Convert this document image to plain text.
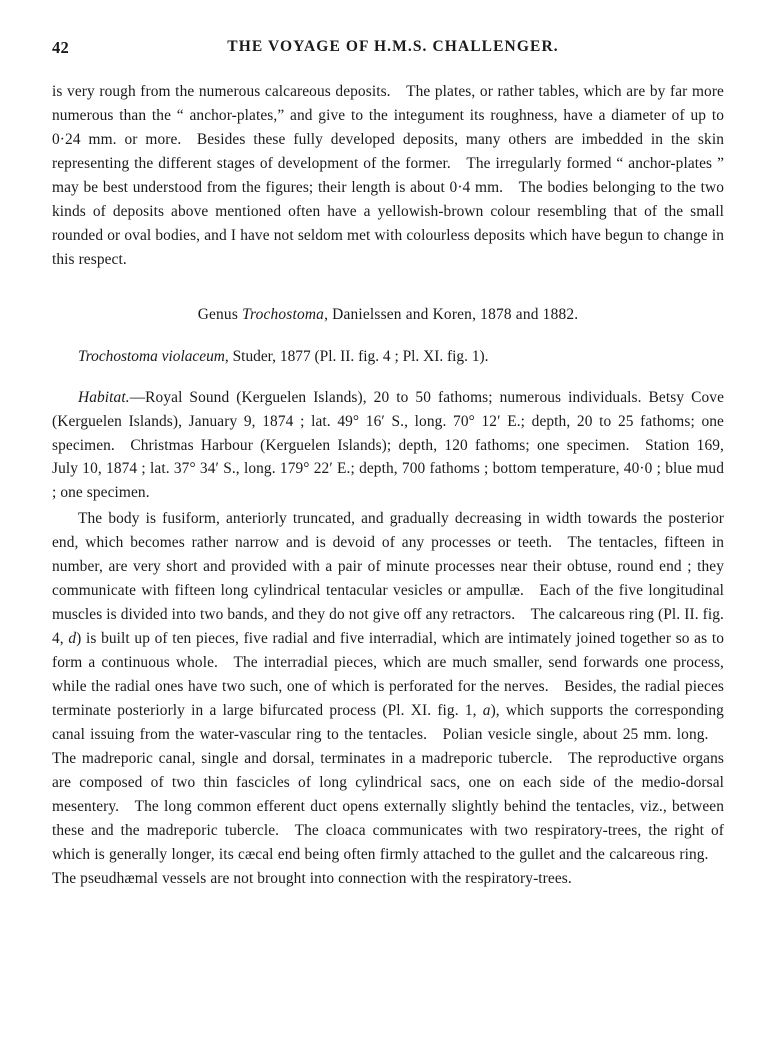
42	THE VOYAGE OF H.M.S. CHALLENGER.

is very rough from the numerous calcareous deposits. The plates, or rather tables, which are by far more numerous than the “ anchor-plates,” and give to the integument its roughness, have a diameter of up to 0·24 mm. or more. Besides these fully developed deposits, many others are imbedded in the skin representing the different stages of development of the former. The irregularly formed “ anchor-plates ” may be best understood from the figures; their length is about 0·4 mm. The bodies belonging to the two kinds of deposits above mentioned often have a yellowish-brown colour resembling that of the small rounded or oval bodies, and I have not seldom met with colourless deposits which have begun to change in this respect.

Genus Trochostoma, Danielssen and Koren, 1878 and 1882.
Trochostoma violaceum, Studer, 1877 (Pl. II. fig. 4 ; Pl. XI. fig. 1).

Habitat.—Royal Sound (Kerguelen Islands), 20 to 50 fathoms; numerous individuals. Betsy Cove (Kerguelen Islands), January 9, 1874 ; lat. 49° 16′ S., long. 70° 12′ E.; depth, 20 to 25 fathoms; one specimen. Christmas Harbour (Kerguelen Islands); depth, 120 fathoms; one specimen. Station 169, July 10, 1874 ; lat. 37° 34′ S., long. 179° 22′ E.; depth, 700 fathoms ; bottom temperature, 40·0 ; blue mud ; one specimen.

The body is fusiform, anteriorly truncated, and gradually decreasing in width towards the posterior end, which becomes rather narrow and is devoid of any processes or teeth. The tentacles, fifteen in number, are very short and provided with a pair of minute processes near their obtuse, round end ; they communicate with fifteen long cylindrical tentacular vesicles or ampullæ. Each of the five longitudinal muscles is divided into two bands, and they do not give off any retractors. The calcareous ring (Pl. II. fig. 4, d) is built up of ten pieces, five radial and five interradial, which are intimately joined together so as to form a continuous whole. The interradial pieces, which are much smaller, send forwards one process, while the radial ones have two such, one of which is perforated for the nerves. Besides, the radial pieces terminate posteriorly in a large bifurcated process (Pl. XI. fig. 1, a), which supports the corresponding canal issuing from the water-vascular ring to the tentacles. Polian vesicle single, about 25 mm. long. The madreporic canal, single and dorsal, terminates in a madreporic tubercle. The reproductive organs are composed of two thin fascicles of long cylindrical sacs, one on each side of the medio-dorsal mesentery. The long common efferent duct opens externally slightly behind the tentacles, viz., between these and the madreporic tubercle. The cloaca communicates with two respiratory-trees, the right of which is generally longer, its cæcal end being often firmly attached to the gullet and the calcareous ring. The pseudhæmal vessels are not brought into connection with the respiratory-trees.
